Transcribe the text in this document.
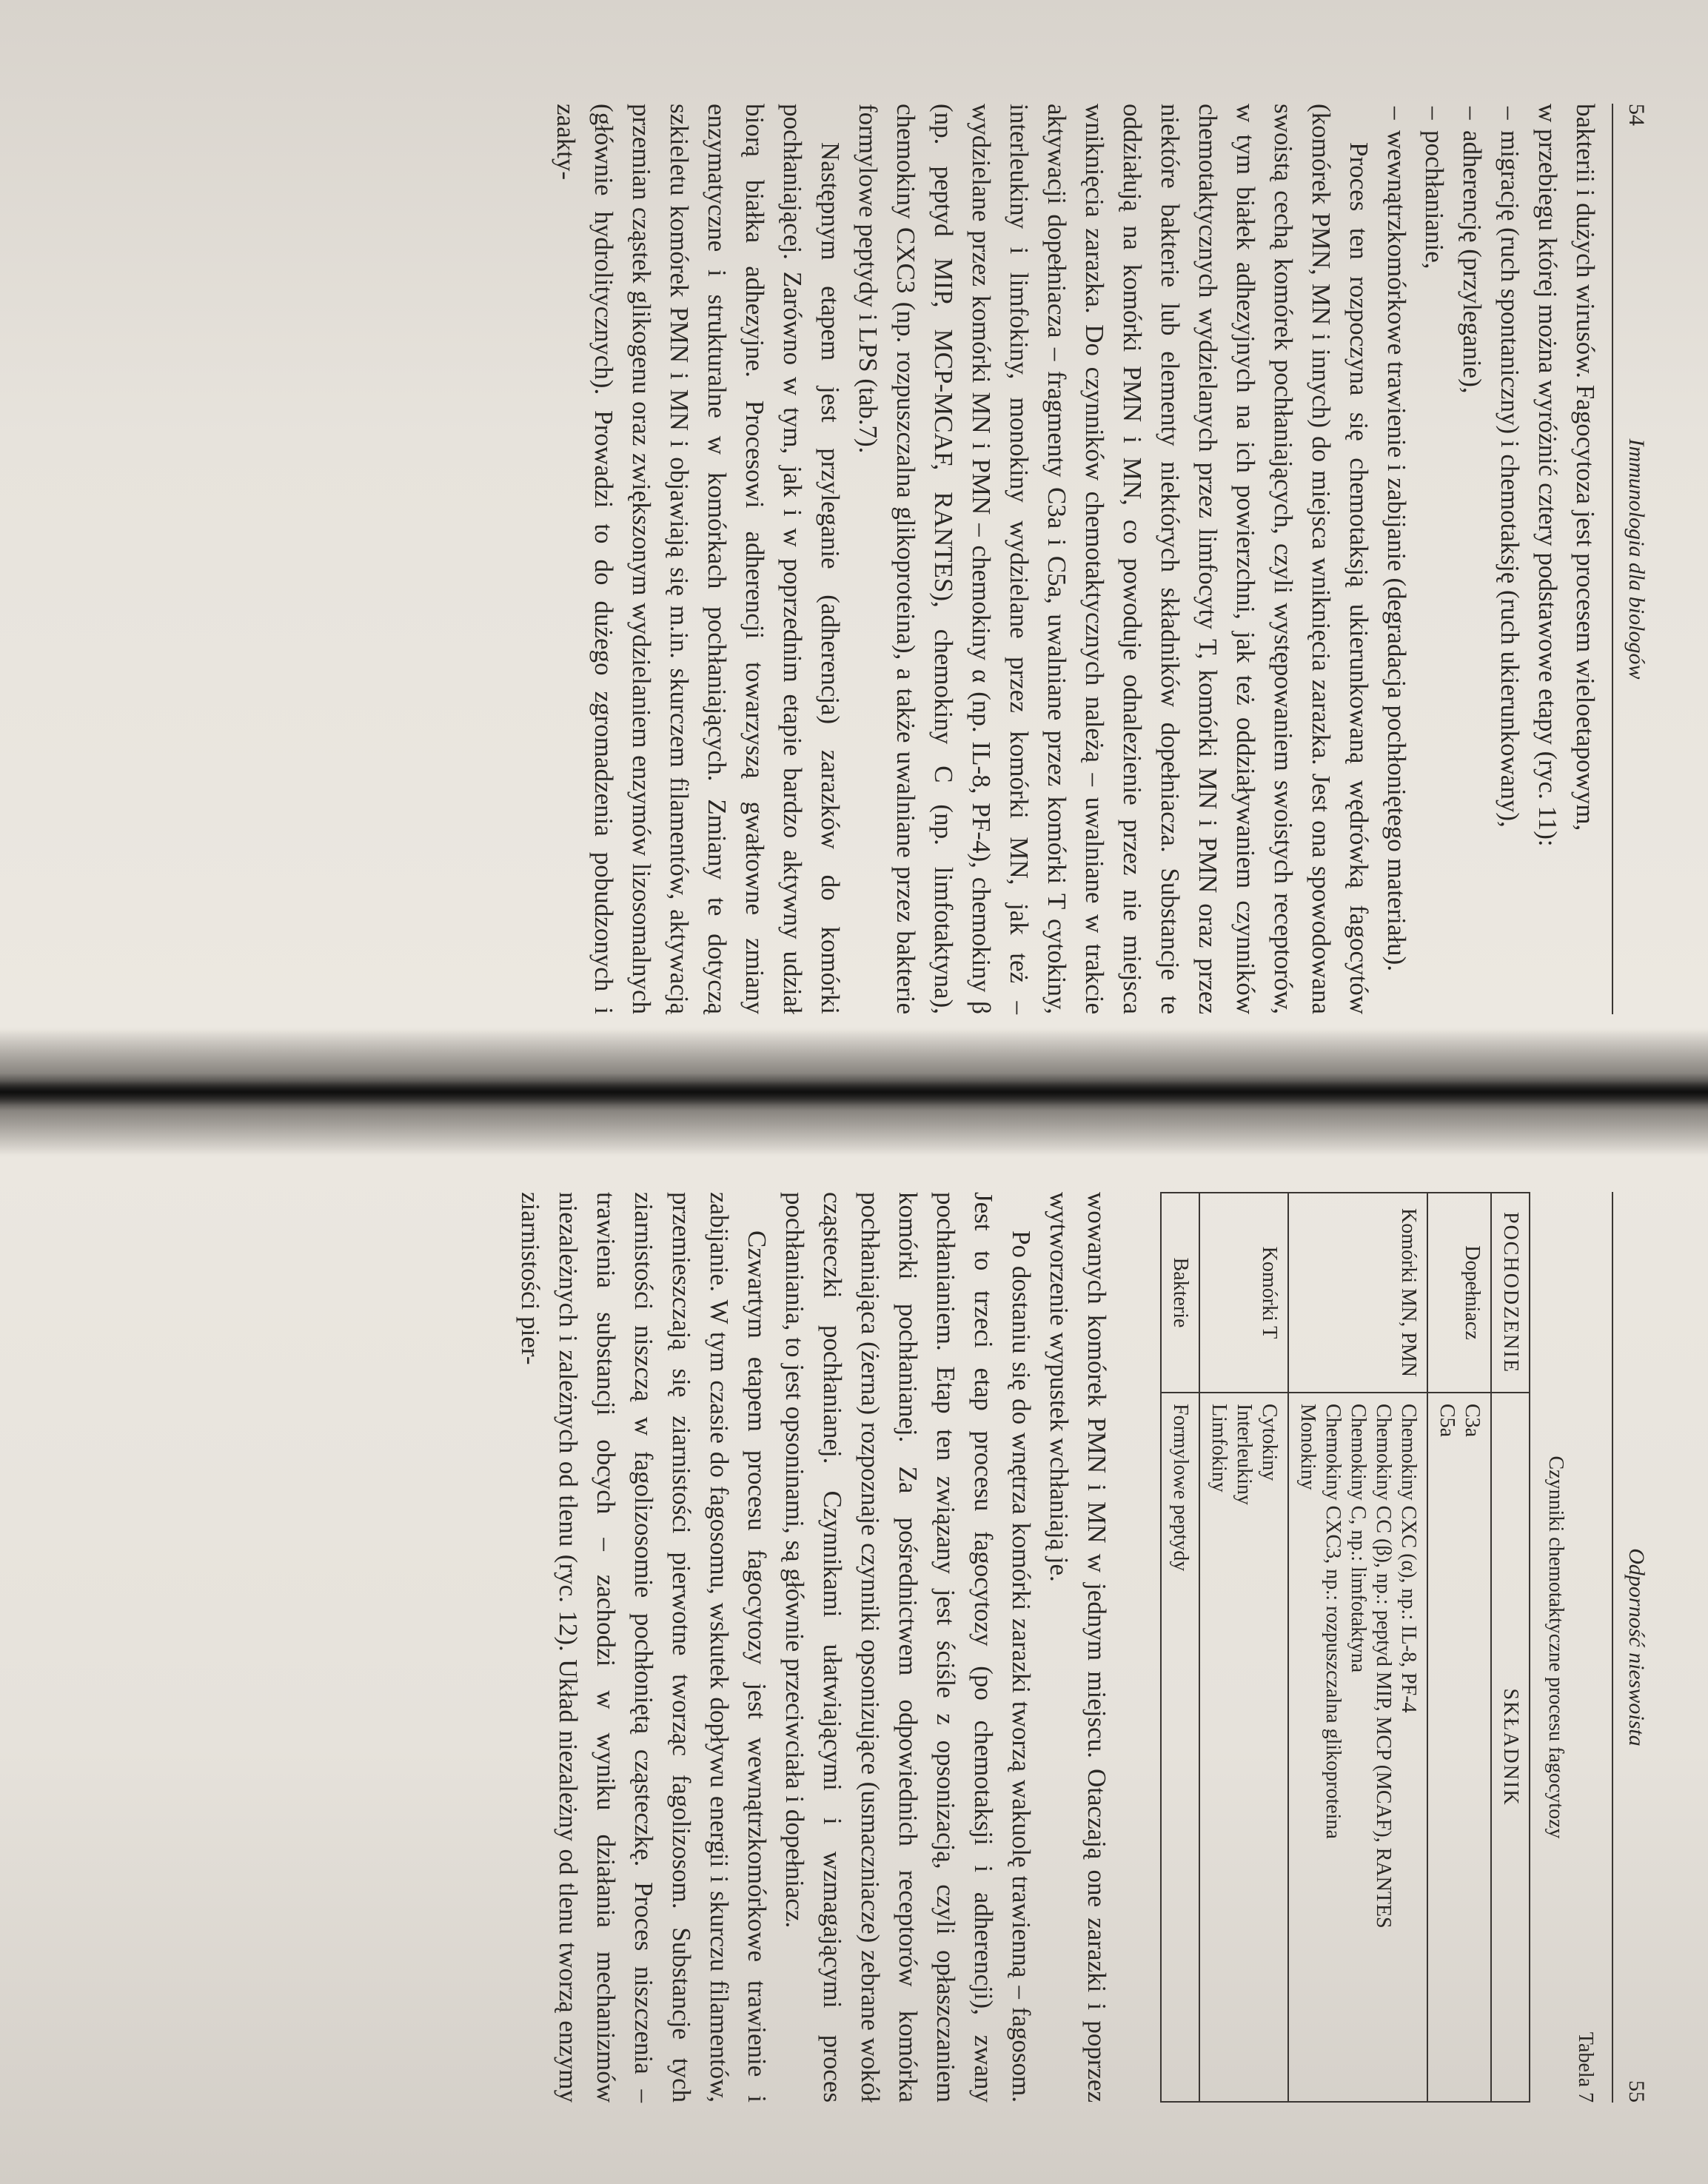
54
Immunologia dla biologów

bakterii i dużych wirusów. Fagocytoza jest procesem wieloetapowym,

w przebiegu której można wyróżnić cztery podstawowe etapy (ryc. 11):

– migrację (ruch spontaniczny) i chemotaksję (ruch ukierunkowany),
– adherencję (przyleganie),
– pochłanianie,
– wewnątrzkomórkowe trawienie i zabijanie (degradacja pochłoniętego materiału).

Proces ten rozpoczyna się chemotaksją ukierunkowaną wędrówką fagocytów (komórek PMN, MN i innych) do miejsca wniknięcia zarazka. Jest ona spowodowana swoistą cechą komórek pochłaniających, czyli występowaniem swoistych receptorów, w tym białek adhezyjnych na ich powierzchni, jak też oddziaływaniem czynników chemotaktycznych wydzielanych przez limfocyty T, komórki MN i PMN oraz przez niektóre bakterie lub elementy niektórych składników dopełniacza. Substancje te oddziałują na komórki PMN i MN, co powoduje odnalezienie przez nie miejsca wniknięcia zarazka. Do czynników chemotaktycznych należą – uwalniane w trakcie aktywacji dopełniacza – fragmenty C3a i C5a, uwalniane przez komórki T cytokiny, interleukiny i limfokiny, monokiny wydzielane przez komórki MN, jak też – wydzielane przez komórki MN i PMN – chemokiny α (np. IL-8, PF-4), chemokiny β (np. peptyd MIP, MCP-MCAF, RANTES), chemokiny C (np. limfotaktyna), chemokiny CXC3 (np. rozpuszczalna glikoproteina), a także uwalniane przez bakterie formylowe peptydy i LPS (tab.7).

Następnym etapem jest przyleganie (adherencja) zarazków do komórki pochłaniającej. Zarówno w tym, jak i w poprzednim etapie bardzo aktywny udział biorą białka adhezyjne. Procesowi adherencji towarzyszą gwałtowne zmiany enzymatyczne i strukturalne w komórkach pochłaniających. Zmiany te dotyczą szkieletu komórek PMN i MN i objawiają się m.in. skurczem filamentów, aktywacją przemian cząstek glikogenu oraz zwiększonym wydzielaniem enzymów lizosomalnych (głównie hydrolitycznych). Prowadzi to do dużego zgromadzenia pobudzonych i zaakty-

Odporność nieswoista
55
Tabela 7
Czynniki chemotaktyczne procesu fagocytozy
POCHODZENIE	SKŁADNIK
Dopełniacz	C3a
C5a

Komórki MN, PMN	Chemokiny CXC (α), np.: IL-8, PF-4
Chemokiny CC (β), np.: peptyd MIP, MCP (MCAF), RANTES
Chemokiny C, np.: limfotaktyna
Chemokiny CXC3, np.: rozpuszczalna glikoproteina
Monokiny

Komórki T	Cytokiny
Interleukiny
Limfokiny

Bakterie	Formylowe peptydy

wowanych komórek PMN i MN w jednym miejscu. Otaczają one zarazki i poprzez wytworzenie wypustek wchłaniają je.

Po dostaniu się do wnętrza komórki zarazki tworzą wakuolę trawienną – fagosom. Jest to trzeci etap procesu fagocytozy (po chemotaksji i adherencji), zwany pochłanianiem. Etap ten związany jest ściśle z opsonizacją, czyli opłaszczaniem komórki pochłanianej. Za pośrednictwem odpowiednich receptorów komórka pochłaniająca (żerna) rozpoznaje czynniki opsonizujące (usmaczniacze) zebrane wokół cząsteczki pochłanianej. Czynnikami ułatwiającymi i wzmagającymi proces pochłaniania, to jest opsoninami, są głównie przeciwciała i dopełniacz.

Czwartym etapem procesu fagocytozy jest wewnątrzkomórkowe trawienie i zabijanie. W tym czasie do fagosomu, wskutek dopływu energii i skurczu filamentów, przemieszczają się ziarnistości pierwotne tworząc fagolizosom. Substancje tych ziarnistości niszczą w fagolizosomie pochłoniętą cząsteczkę. Proces niszczenia – trawienia substancji obcych – zachodzi w wyniku działania mechanizmów niezależnych i zależnych od tlenu (ryc. 12). Układ niezależny od tlenu tworzą enzymy ziarnistości pier-
